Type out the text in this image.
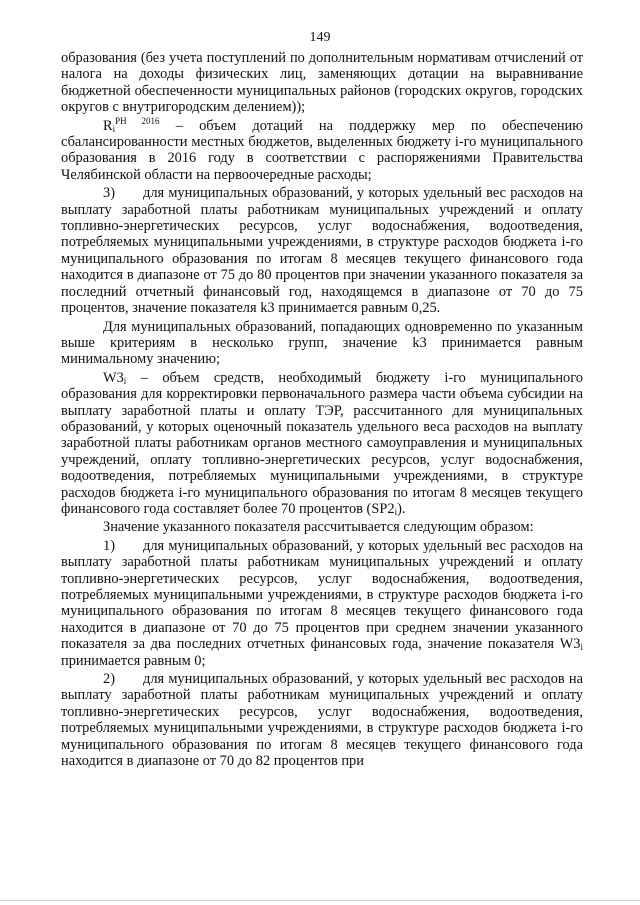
149

образования (без учета поступлений по дополнительным нормативам отчислений от налога на доходы физических лиц, заменяющих дотации на выравнивание бюджетной обеспеченности муниципальных районов (городских округов, городских округов с внутригородским делением));

$R_i^{РН 2016}$ – объем дотаций на поддержку мер по обеспечению сбалансированности местных бюджетов, выделенных бюджету i-го муниципального образования в 2016 году в соответствии с распоряжениями Правительства Челябинской области на первоочередные расходы;

3) для муниципальных образований, у которых удельный вес расходов на выплату заработной платы работникам муниципальных учреждений и оплату топливно-энергетических ресурсов, услуг водоснабжения, водоотведения, потребляемых муниципальными учреждениями, в структуре расходов бюджета i-го муниципального образования по итогам 8 месяцев текущего финансового года находится в диапазоне от 75 до 80 процентов при значении указанного показателя за последний отчетный финансовый год, находящемся в диапазоне от 70 до 75 процентов, значение показателя k3 принимается равным 0,25.

Для муниципальных образований, попадающих одновременно по указанным выше критериям в несколько групп, значение k3 принимается равным минимальному значению;

$W3_i$ – объем средств, необходимый бюджету i-го муниципального образования для корректировки первоначального размера части объема субсидии на выплату заработной платы и оплату ТЭР, рассчитанного для муниципальных образований, у которых оценочный показатель удельного веса расходов на выплату заработной платы работникам органов местного самоуправления и муниципальных учреждений, оплату топливно-энергетических ресурсов, услуг водоснабжения, водоотведения, потребляемых муниципальными учреждениями, в структуре расходов бюджета i-го муниципального образования по итогам 8 месяцев текущего финансового года составляет более 70 процентов $(SP2_i)$.

Значение указанного показателя рассчитывается следующим образом:

1) для муниципальных образований, у которых удельный вес расходов на выплату заработной платы работникам муниципальных учреждений и оплату топливно-энергетических ресурсов, услуг водоснабжения, водоотведения, потребляемых муниципальными учреждениями, в структуре расходов бюджета i-го муниципального образования по итогам 8 месяцев текущего финансового года находится в диапазоне от 70 до 75 процентов при среднем значении указанного показателя за два последних отчетных финансовых года, значение показателя $W3_i$ принимается равным 0;

2) для муниципальных образований, у которых удельный вес расходов на выплату заработной платы работникам муниципальных учреждений и оплату топливно-энергетических ресурсов, услуг водоснабжения, водоотведения, потребляемых муниципальными учреждениями, в структуре расходов бюджета i-го муниципального образования по итогам 8 месяцев текущего финансового года находится в диапазоне от 70 до 82 процентов при
